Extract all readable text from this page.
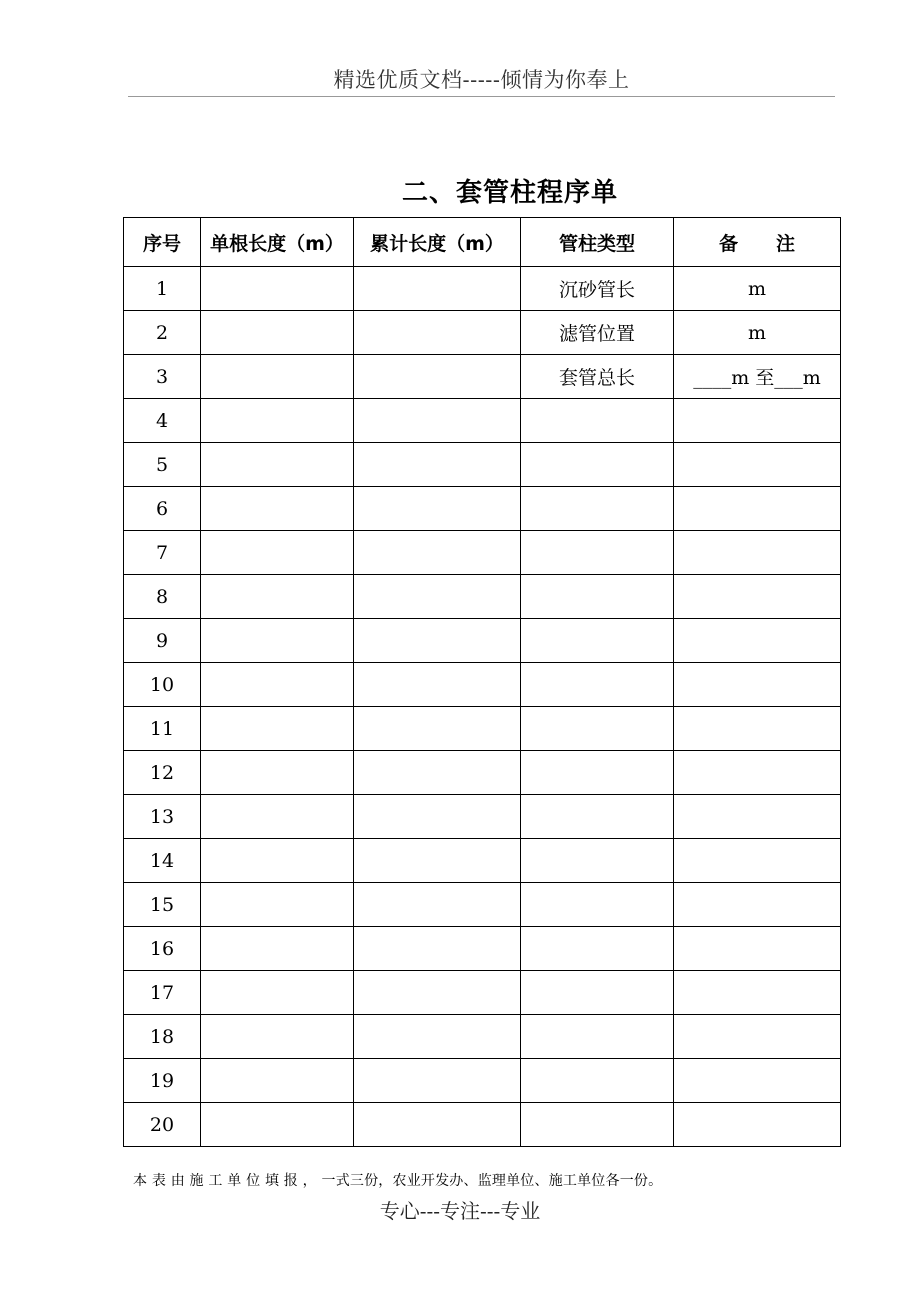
精选优质文档-----倾情为你奉上
二、套管柱程序单
序号	单根长度（m）	累计长度（m）	管柱类型	备　　注
1			沉砂管长	m
2			滤管位置	m
3			套管总长	____m 至___m
4				
5				
6				
7				
8				
9				
10				
11				
12				
13				
14				
15				
16				
17				
18				
19				
20				
本 表 由 施 工 单 位 填 报 ， 一式三份，农业开发办、监理单位、施工单位各一份。
专心---专注---专业
